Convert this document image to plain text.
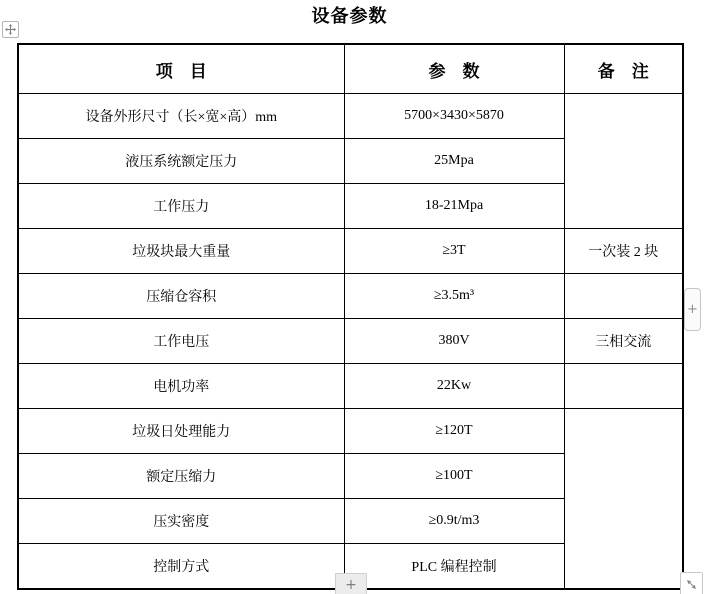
设备参数
项　目	参　数	备　注
设备外形尺寸（长×宽×高）mm	5700×3430×5870	
液压系统额定压力	25Mpa	
工作压力	18-21Mpa	
垃圾块最大重量	≥3T	一次装 2 块
压缩仓容积	≥3.5m³	
工作电压	380V	三相交流
电机功率	22Kw	
垃圾日处理能力	≥120T	
额定压缩力	≥100T	
压实密度	≥0.9t/m3	
控制方式	PLC 编程控制	
+
+
